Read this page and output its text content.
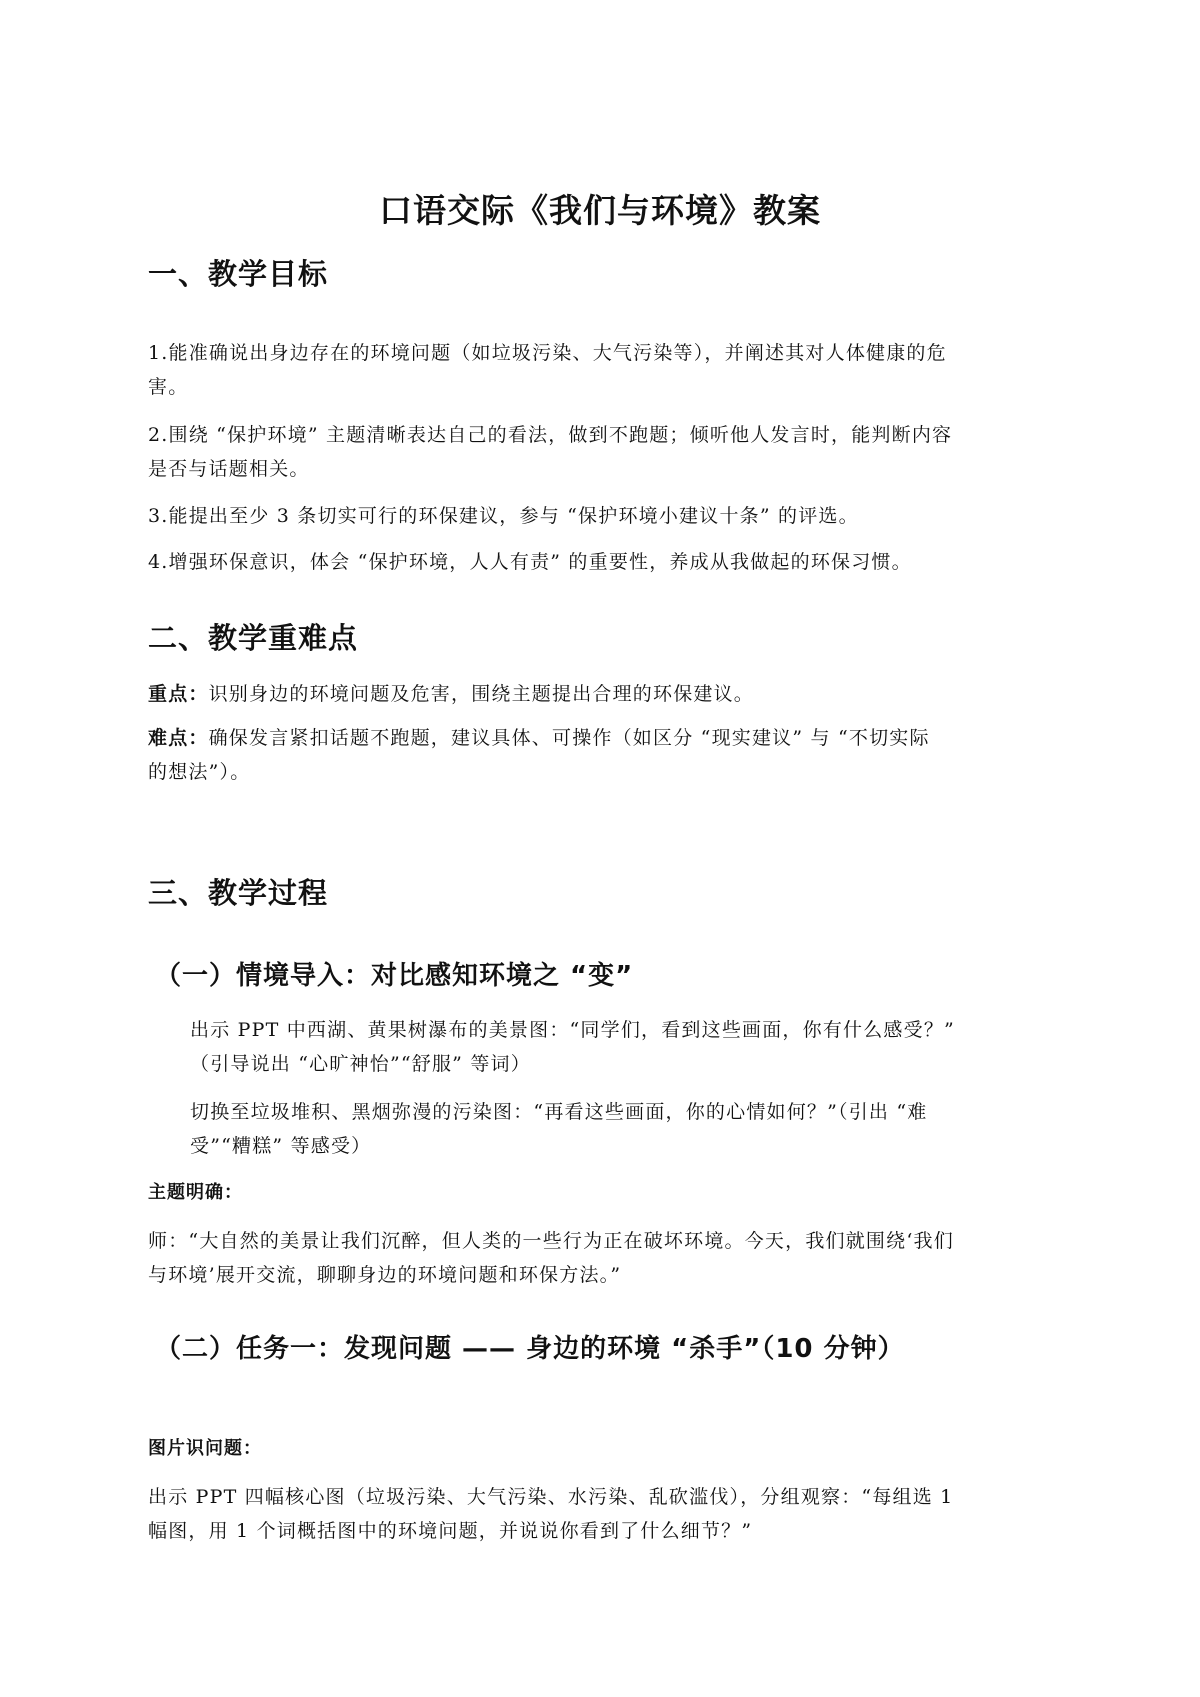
口语交际《我们与环境》教案
一、教学目标

1.能准确说出身边存在的环境问题（如垃圾污染、大气污染等），并阐述其对人体健康的危

害。

2.围绕 “保护环境” 主题清晰表达自己的看法，做到不跑题；倾听他人发言时，能判断内容

是否与话题相关。

3.能提出至少 3 条切实可行的环保建议，参与 “保护环境小建议十条” 的评选。

4.增强环保意识，体会 “保护环境，人人有责” 的重要性，养成从我做起的环保习惯。

二、教学重难点

重点：识别身边的环境问题及危害，围绕主题提出合理的环保建议。

难点：确保发言紧扣话题不跑题，建议具体、可操作（如区分 “现实建议” 与 “不切实际

的想法”）。

三、教学过程
（一）情境导入：对比感知环境之 “变”

出示 PPT 中西湖、黄果树瀑布的美景图：“同学们，看到这些画面，你有什么感受？”

（引导说出 “心旷神怡”“舒服” 等词）

切换至垃圾堆积、黑烟弥漫的污染图：“再看这些画面，你的心情如何？”（引出 “难

受”“糟糕” 等感受）

主题明确：

师：“大自然的美景让我们沉醉，但人类的一些行为正在破坏环境。今天，我们就围绕‘我们

与环境’展开交流，聊聊身边的环境问题和环保方法。”

（二）任务一：发现问题 —— 身边的环境 “杀手”（10 分钟）

图片识问题：

出示 PPT 四幅核心图（垃圾污染、大气污染、水污染、乱砍滥伐），分组观察：“每组选 1

幅图，用 1 个词概括图中的环境问题，并说说你看到了什么细节？”
